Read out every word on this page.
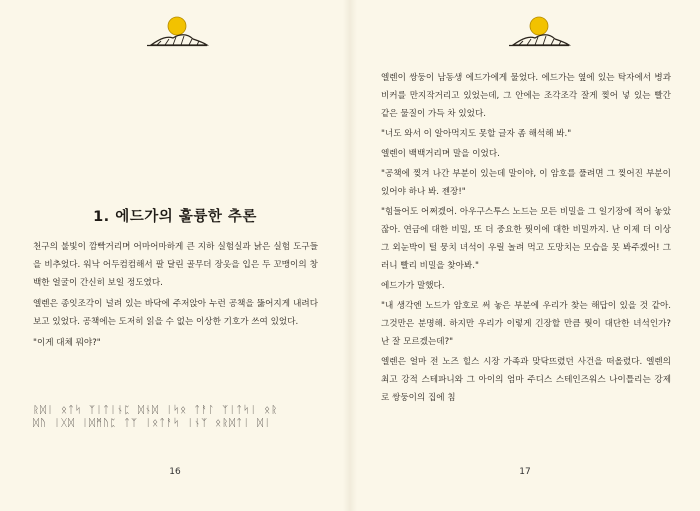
1. 에드가의 훌륭한 추론

천구의 불빛이 깜빡거리며 어마어마하게 큰 지하 실험실과 낡은 실험 도구들을 비추었다. 워낙 어두컴컴해서 팔 달린 골무더 장옷을 입은 두 꼬맹이의 창백한 얼굴이 간신히 보일 정도였다.

엘렌은 종잇조각이 널려 있는 바닥에 주저앉아 누런 공책을 뚫어지게 내려다보고 있었다. 공책에는 도저히 읽을 수 없는 이상한 기호가 쓰여 있었다.

"이게 대체 뭐야?"

ᚱᛞᛁ ᛟᛏᛋ ᛉᛁᛏᛁᚾᛈ ᛞᚾᛞ ᛁᛋᛟ ᛏᚨᛚ ᛉᛁᛏᛋᛁ ᛟᚱ
ᛞᚢ ᛁᚷᛞ ᛁᛞᛗᚢᛈ ᛏᛉ ᛁᛟᛏᚨᛋ ᛁᚾᛉ ᛟᚱᛞᛏᛁ ᛞᛁ
16

엘렌이 쌍둥이 남동생 에드가에게 물었다. 에드가는 옆에 있는 탁자에서 병과 비커를 만지작거리고 있었는데, 그 안에는 조각조각 잘게 찢어 넣 있는 빨간 같은 물질이 가득 차 있었다.

"너도 와서 이 알아먹지도 못할 글자 좀 해석해 봐."

엘렌이 백백거리며 말을 이었다.

"공책에 찢겨 나간 부분이 있는데 말이야, 이 암호를 풀려면 그 찢어진 부분이 있어야 하나 봐. 젠장!"

"힘들어도 어쩌겠어. 아우구스투스 노드는 모든 비밀을 그 일기장에 적어 놓았잖아. 연금에 대한 비밀, 또 더 중요한 뭣이에 대한 비밀까지. 난 이제 더 이상 그 외눈박이 털 뭉치 녀석이 우릴 놀려 먹고 도망치는 모습을 못 봐주겠어! 그러니 빨리 비밀을 찾아봐."

에드가가 말했다.

"내 생각엔 노드가 암호로 써 놓은 부분에 우리가 찾는 해답이 있을 것 같아. 그것만은 분명해. 하지만 우리가 이렇게 긴장할 만큼 뭣이 대단한 녀석인가? 난 잘 모르겠는데?"

엘렌은 얼마 전 노즈 힐스 시장 가족과 맞닥뜨렸던 사건을 떠올렸다. 엘렌의 최고 강적 스테파니와 그 아이의 엄마 주디스 스테인즈워스 나이틀리는 강제로 쌍둥이의 집에 침

17
